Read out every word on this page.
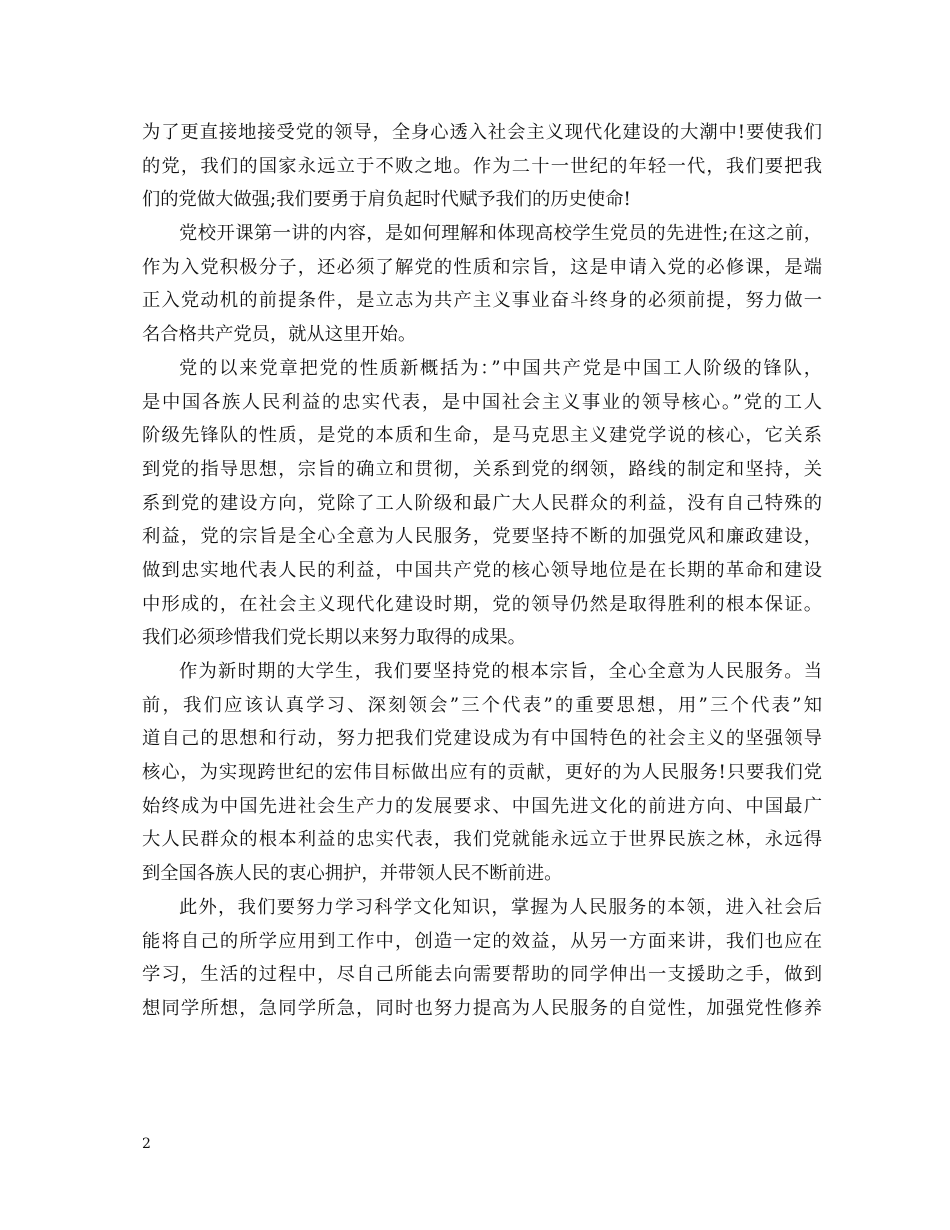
为了更直接地接受党的领导，全身心透入社会主义现代化建设的大潮中!要使我们
的党，我们的国家永远立于不败之地。作为二十一世纪的年轻一代，我们要把我
们的党做大做强;我们要勇于肩负起时代赋予我们的历史使命!
党校开课第一讲的内容，是如何理解和体现高校学生党员的先进性;在这之前，
作为入党积极分子，还必须了解党的性质和宗旨，这是申请入党的必修课，是端
正入党动机的前提条件，是立志为共产主义事业奋斗终身的必须前提，努力做一
名合格共产党员，就从这里开始。
党的以来党章把党的性质新概括为：”中国共产党是中国工人阶级的锋队，
是中国各族人民利益的忠实代表，是中国社会主义事业的领导核心。”党的工人
阶级先锋队的性质，是党的本质和生命，是马克思主义建党学说的核心，它关系
到党的指导思想，宗旨的确立和贯彻，关系到党的纲领，路线的制定和坚持，关
系到党的建设方向，党除了工人阶级和最广大人民群众的利益，没有自己特殊的
利益，党的宗旨是全心全意为人民服务，党要坚持不断的加强党风和廉政建设，
做到忠实地代表人民的利益，中国共产党的核心领导地位是在长期的革命和建设
中形成的，在社会主义现代化建设时期，党的领导仍然是取得胜利的根本保证。
我们必须珍惜我们党长期以来努力取得的成果。
作为新时期的大学生，我们要坚持党的根本宗旨，全心全意为人民服务。当
前，我们应该认真学习、深刻领会”三个代表”的重要思想，用”三个代表”知
道自己的思想和行动，努力把我们党建设成为有中国特色的社会主义的坚强领导
核心，为实现跨世纪的宏伟目标做出应有的贡献，更好的为人民服务!只要我们党
始终成为中国先进社会生产力的发展要求、中国先进文化的前进方向、中国最广
大人民群众的根本利益的忠实代表，我们党就能永远立于世界民族之林，永远得
到全国各族人民的衷心拥护，并带领人民不断前进。
此外，我们要努力学习科学文化知识，掌握为人民服务的本领，进入社会后
能将自己的所学应用到工作中，创造一定的效益，从另一方面来讲，我们也应在
学习，生活的过程中，尽自己所能去向需要帮助的同学伸出一支援助之手，做到
想同学所想，急同学所急，同时也努力提高为人民服务的自觉性，加强党性修养
2
